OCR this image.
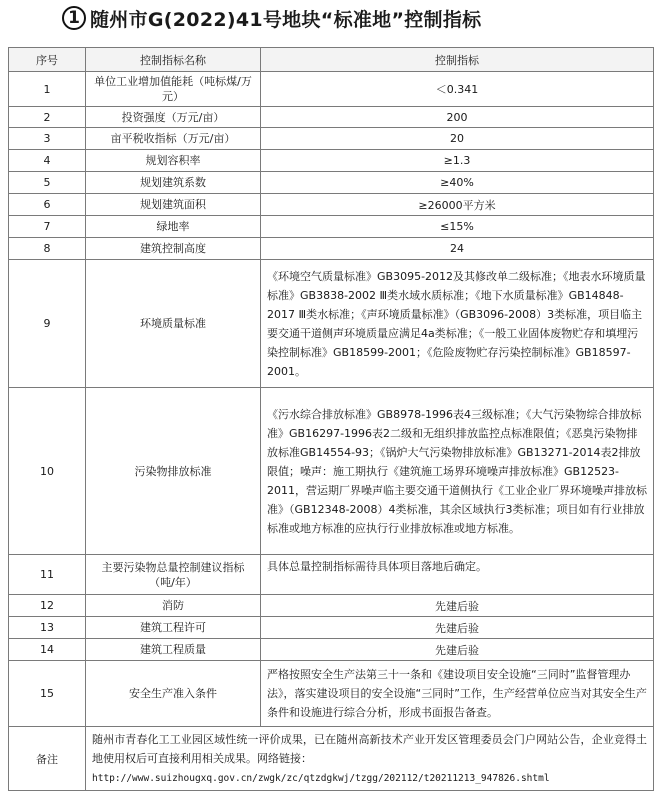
1 随州市G(2022)41号地块“标准地”控制指标
序号	控制指标名称	控制指标
1	单位工业增加值能耗（吨标煤/万元）	＜0.341
2	投资强度（万元/亩）	200
3	亩平税收指标（万元/亩）	20
4	规划容积率	≥1.3
5	规划建筑系数	≥40%
6	规划建筑面积	≥26000平方米
7	绿地率	≤15%
8	建筑控制高度	24
9	环境质量标准	《环境空气质量标准》GB3095-2012及其修改单二级标准；《地表水环境质量标准》GB3838-2002 Ⅲ类水域水质标准；《地下水质量标准》GB14848-2017 Ⅲ类水标准；《声环境质量标准》（GB3096-2008）3类标准，项目临主要交通干道侧声环境质量应满足4a类标准；《一般工业固体废物贮存和填埋污染控制标准》GB18599-2001；《危险废物贮存污染控制标准》GB18597-2001。
10	污染物排放标准	《污水综合排放标准》GB8978-1996表4三级标准；《大气污染物综合排放标准》GB16297-1996表2二级和无组织排放监控点标准限值；《恶臭污染物排放标准GB14554-93；《锅炉大气污染物排放标准》GB13271-2014表2排放限值；噪声：施工期执行《建筑施工场界环境噪声排放标准》GB12523-2011，营运期厂界噪声临主要交通干道侧执行《工业企业厂界环境噪声排放标准》（GB12348-2008）4类标准，其余区域执行3类标准；项目如有行业排放标准或地方标准的应执行行业排放标准或地方标准。
11	主要污染物总量控制建议指标（吨/年）	具体总量控制指标需待具体项目落地后确定。
12	消防	先建后验
13	建筑工程许可	先建后验
14	建筑工程质量	先建后验
15	安全生产准入条件	严格按照安全生产法第三十一条和《建设项目安全设施“三同时”监督管理办法》，落实建设项目的安全设施“三同时”工作，生产经营单位应当对其安全生产条件和设施进行综合分析，形成书面报告备查。
备注	随州市青春化工工业园区域性统一评价成果，已在随州高新技术产业开发区管理委员会门户网站公告，企业竞得土地使用权后可直接利用相关成果。网络链接：
http://www.suizhougxq.gov.cn/zwgk/zc/qtzdgkwj/tzgg/202112/t20211213_947826.shtml	
